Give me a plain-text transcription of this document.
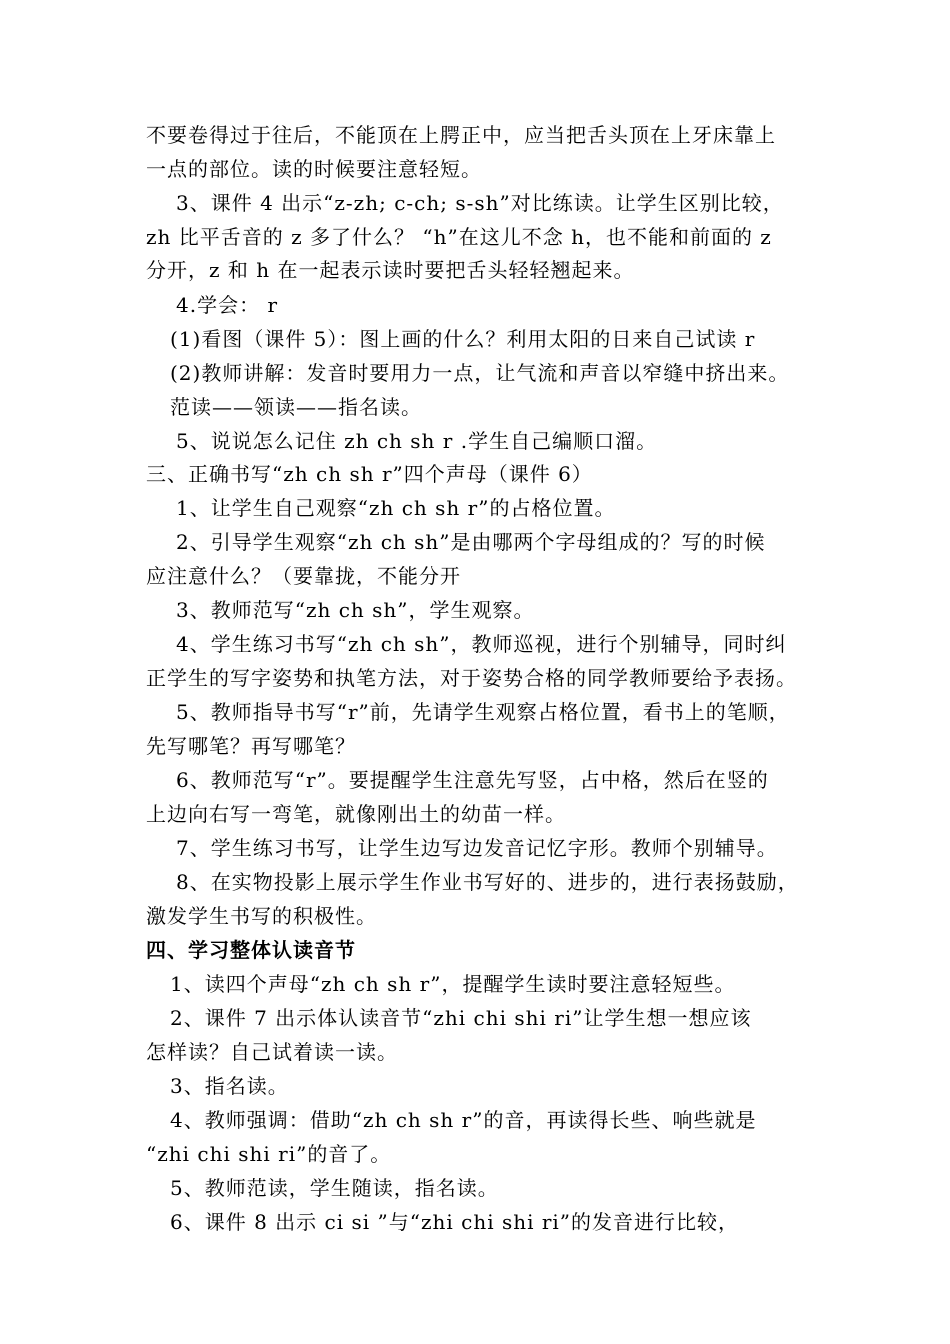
不要卷得过于往后，不能顶在上腭正中，应当把舌头顶在上牙床靠上
一点的部位。读的时候要注意轻短。
3、课件 4 出示“z-zh; c-ch; s-sh”对比练读。让学生区别比较，
zh 比平舌音的 z 多了什么？ “h”在这儿不念 h，也不能和前面的 z
分开，z 和 h 在一起表示读时要把舌头轻轻翘起来。
4.学会： r
(1)看图（课件 5）：图上画的什么？利用太阳的日来自己试读 r
(2)教师讲解：发音时要用力一点，让气流和声音以窄缝中挤出来。
范读——领读——指名读。
5、说说怎么记住 zh ch sh r .学生自己编顺口溜。
三、正确书写“zh ch sh r”四个声母（课件 6）
1、让学生自己观察“zh ch sh r”的占格位置。
2、引导学生观察“zh ch sh”是由哪两个字母组成的？写的时候
应注意什么？（要靠拢，不能分开
3、教师范写“zh ch sh”，学生观察。
4、学生练习书写“zh ch sh”，教师巡视，进行个别辅导，同时纠
正学生的写字姿势和执笔方法，对于姿势合格的同学教师要给予表扬。
5、教师指导书写“r”前，先请学生观察占格位置，看书上的笔顺，
先写哪笔？再写哪笔？
6、教师范写“r”。要提醒学生注意先写竖，占中格，然后在竖的
上边向右写一弯笔，就像刚出土的幼苗一样。
7、学生练习书写，让学生边写边发音记忆字形。教师个别辅导。
8、在实物投影上展示学生作业书写好的、进步的，进行表扬鼓励，
激发学生书写的积极性。
四、学习整体认读音节
1、读四个声母“zh ch sh r”，提醒学生读时要注意轻短些。
2、课件 7 出示体认读音节“zhi chi shi ri”让学生想一想应该
怎样读？自己试着读一读。
3、指名读。
4、教师强调：借助“zh ch sh r”的音，再读得长些、响些就是
“zhi chi shi ri”的音了。
5、教师范读，学生随读，指名读。
6、课件 8 出示 ci si ”与“zhi chi shi ri”的发音进行比较，
